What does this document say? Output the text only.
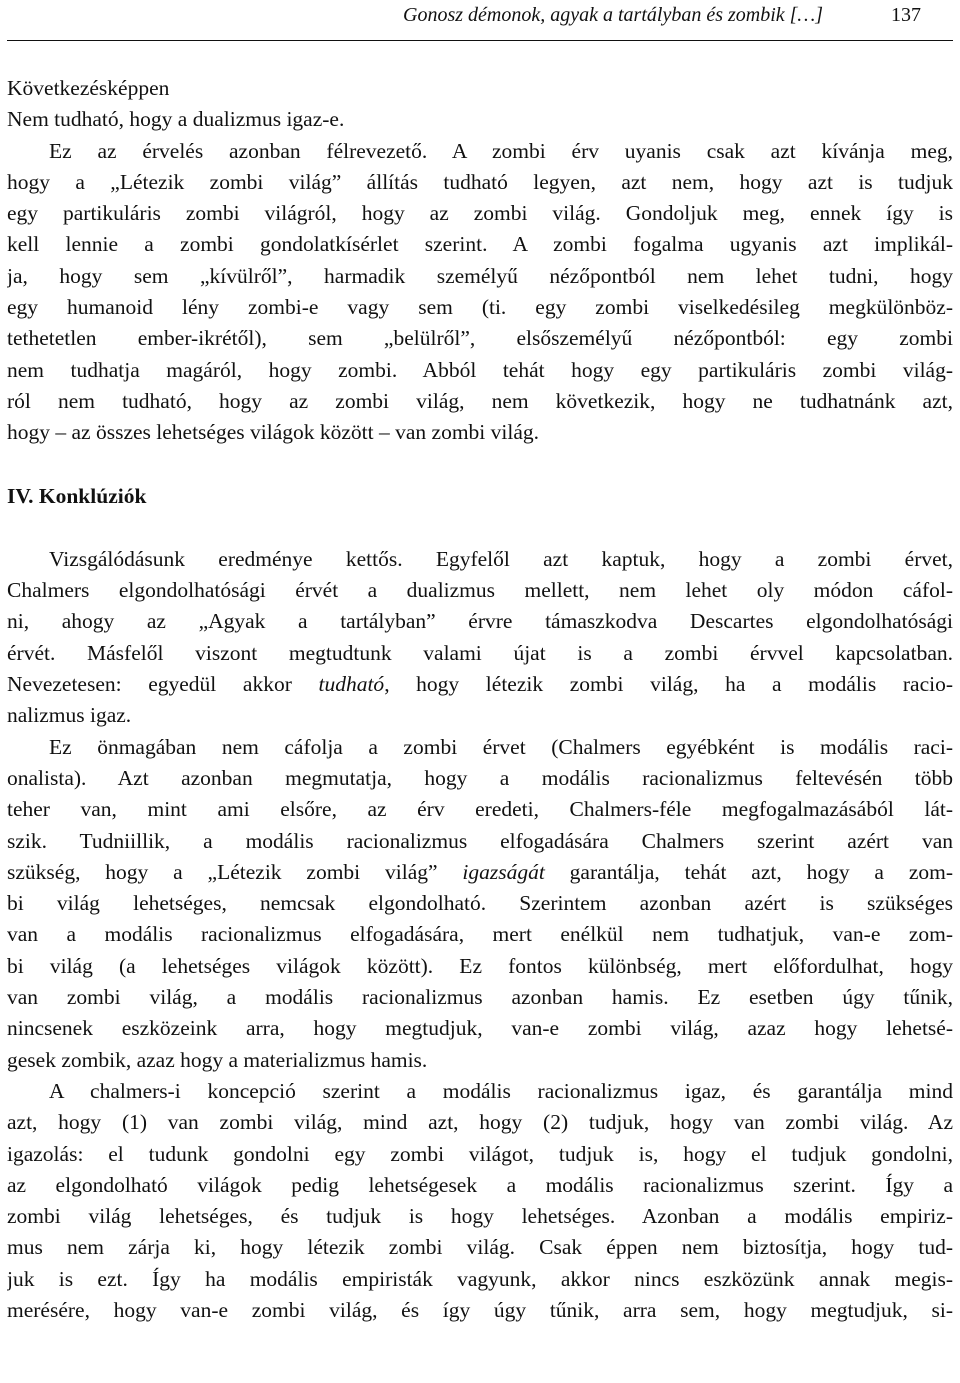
Gonosz démonok, agyak a tartályban és zombik […]	137
Következésképpen
Nem tudható, hogy a dualizmus igaz-e.
Ez az érvelés azonban félrevezető. A zombi érv uyanis csak azt kívánja meg,
hogy a „Létezik zombi világ” állítás tudható legyen, azt nem, hogy azt is tudjuk
egy partikuláris zombi világról, hogy az zombi világ. Gondoljuk meg, ennek így is
kell lennie a zombi gondolatkísérlet szerint. A zombi fogalma ugyanis azt implikál-
ja, hogy sem „kívülről”, harmadik személyű nézőpontból nem lehet tudni, hogy
egy humanoid lény zombi-e vagy sem (ti. egy zombi viselkedésileg megkülönböz-
tethetetlen ember-ikrétől), sem „belülről”, elsőszemélyű nézőpontból: egy zombi
nem tudhatja magáról, hogy zombi. Abból tehát hogy egy partikuláris zombi világ-
ról nem tudható, hogy az zombi világ, nem következik, hogy ne tudhatnánk azt,
hogy – az összes lehetséges világok között – van zombi világ.
IV. Konklúziók
Vizsgálódásunk eredménye kettős. Egyfelől azt kaptuk, hogy a zombi érvet,
Chalmers elgondolhatósági érvét a dualizmus mellett, nem lehet oly módon cáfol-
ni, ahogy az „Agyak a tartályban” érvre támaszkodva Descartes elgondolhatósági
érvét. Másfelől viszont megtudtunk valami újat is a zombi érvvel kapcsolatban.
Nevezetesen: egyedül akkor tudható, hogy létezik zombi világ, ha a modális racio-
nalizmus igaz.
Ez önmagában nem cáfolja a zombi érvet (Chalmers egyébként is modális raci-
onalista). Azt azonban megmutatja, hogy a modális racionalizmus feltevésén több
teher van, mint ami elsőre, az érv eredeti, Chalmers-féle megfogalmazásából lát-
szik. Tudniillik, a modális racionalizmus elfogadására Chalmers szerint azért van
szükség, hogy a „Létezik zombi világ” igazságát garantálja, tehát azt, hogy a zom-
bi világ lehetséges, nemcsak elgondolható. Szerintem azonban azért is szükséges
van a modális racionalizmus elfogadására, mert enélkül nem tudhatjuk, van-e zom-
bi világ (a lehetséges világok között). Ez fontos különbség, mert előfordulhat, hogy
van zombi világ, a modális racionalizmus azonban hamis. Ez esetben úgy tűnik,
nincsenek eszközeink arra, hogy megtudjuk, van-e zombi világ, azaz hogy lehetsé-
gesek zombik, azaz hogy a materializmus hamis.
A chalmers-i koncepció szerint a modális racionalizmus igaz, és garantálja mind
azt, hogy (1) van zombi világ, mind azt, hogy (2) tudjuk, hogy van zombi világ. Az
igazolás: el tudunk gondolni egy zombi világot, tudjuk is, hogy el tudjuk gondolni,
az elgondolható világok pedig lehetségesek a modális racionalizmus szerint. Így a
zombi világ lehetséges, és tudjuk is hogy lehetséges. Azonban a modális empiriz-
mus nem zárja ki, hogy létezik zombi világ. Csak éppen nem biztosítja, hogy tud-
juk is ezt. Így ha modális empiristák vagyunk, akkor nincs eszközünk annak megis-
merésére, hogy van-e zombi világ, és így úgy tűnik, arra sem, hogy megtudjuk, si-
